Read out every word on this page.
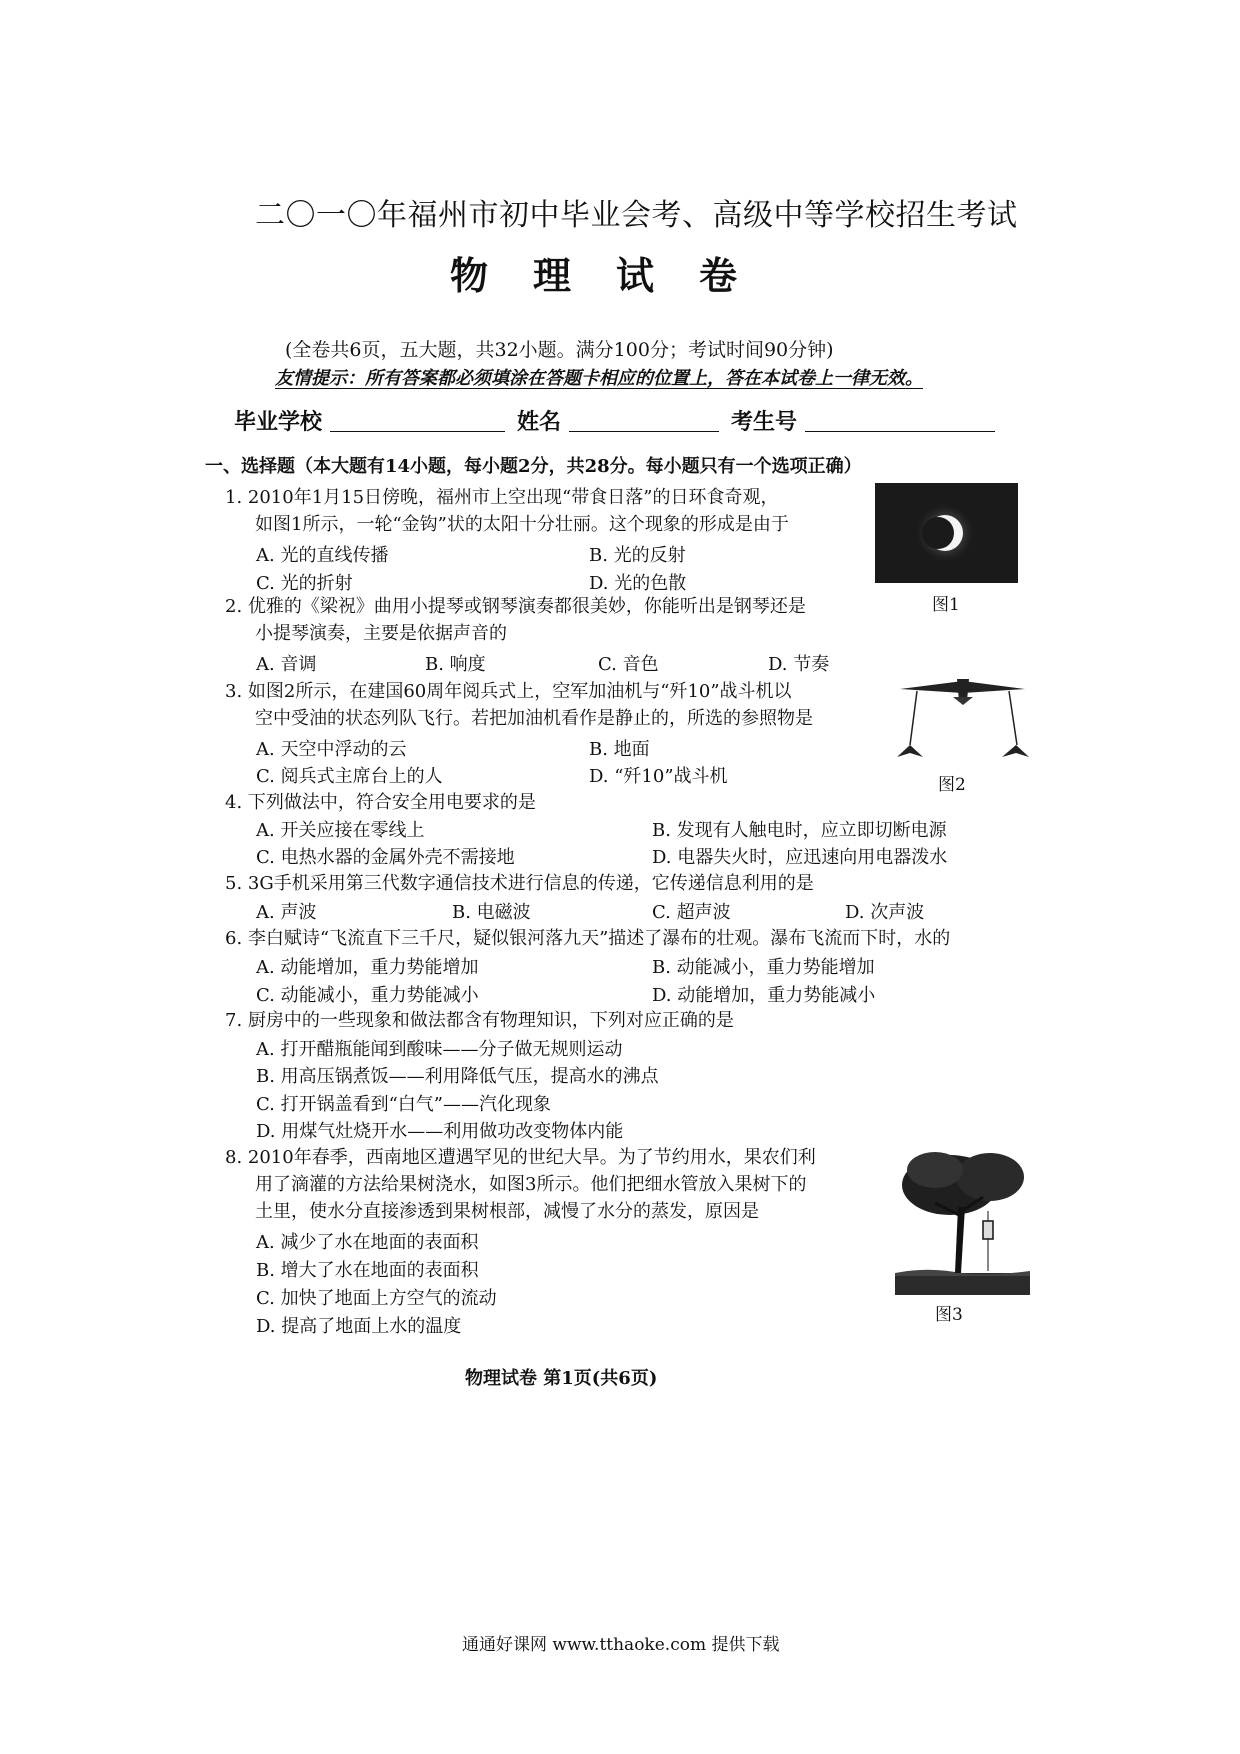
二〇一〇年福州市初中毕业会考、高级中等学校招生考试
物理试卷
(全卷共6页，五大题，共32小题。满分100分；考试时间90分钟)
友情提示：所有答案都必须填涂在答题卡相应的位置上，答在本试卷上一律无效。
毕业学校	姓名	考生号
一、选择题（本大题有14小题，每小题2分，共28分。每小题只有一个选项正确）
1. 2010年1月15日傍晚，福州市上空出现“带食日落”的日环食奇观，
如图1所示，一轮“金钩”状的太阳十分壮丽。这个现象的形成是由于
A. 光的直线传播	B. 光的反射
C. 光的折射	D. 光的色散
图1
2. 优雅的《梁祝》曲用小提琴或钢琴演奏都很美妙，你能听出是钢琴还是
小提琴演奏，主要是依据声音的
A. 音调	B. 响度	C. 音色	D. 节奏
3. 如图2所示，在建国60周年阅兵式上，空军加油机与“歼10”战斗机以
空中受油的状态列队飞行。若把加油机看作是静止的，所选的参照物是
A. 天空中浮动的云	B. 地面
C. 阅兵式主席台上的人	D. “歼10”战斗机	图2
4. 下列做法中，符合安全用电要求的是
A. 开关应接在零线上	B. 发现有人触电时，应立即切断电源
C. 电热水器的金属外壳不需接地	D. 电器失火时，应迅速向用电器泼水
5. 3G手机采用第三代数字通信技术进行信息的传递，它传递信息利用的是
A. 声波	B. 电磁波	C. 超声波	D. 次声波
6. 李白赋诗“飞流直下三千尺，疑似银河落九天”描述了瀑布的壮观。瀑布飞流而下时，水的
A. 动能增加，重力势能增加	B. 动能减小，重力势能增加
C. 动能减小，重力势能减小	D. 动能增加，重力势能减小
7. 厨房中的一些现象和做法都含有物理知识，下列对应正确的是
A. 打开醋瓶能闻到酸味——分子做无规则运动
B. 用高压锅煮饭——利用降低气压，提高水的沸点
C. 打开锅盖看到“白气”——汽化现象
D. 用煤气灶烧开水——利用做功改变物体内能
8. 2010年春季，西南地区遭遇罕见的世纪大旱。为了节约用水，果农们利
用了滴灌的方法给果树浇水，如图3所示。他们把细水管放入果树下的
土里，使水分直接渗透到果树根部，减慢了水分的蒸发，原因是
A. 减少了水在地面的表面积
B. 增大了水在地面的表面积
C. 加快了地面上方空气的流动
D. 提高了地面上水的温度
图3
物理试卷 第1页(共6页)
通通好课网 www.tthaoke.com 提供下载
